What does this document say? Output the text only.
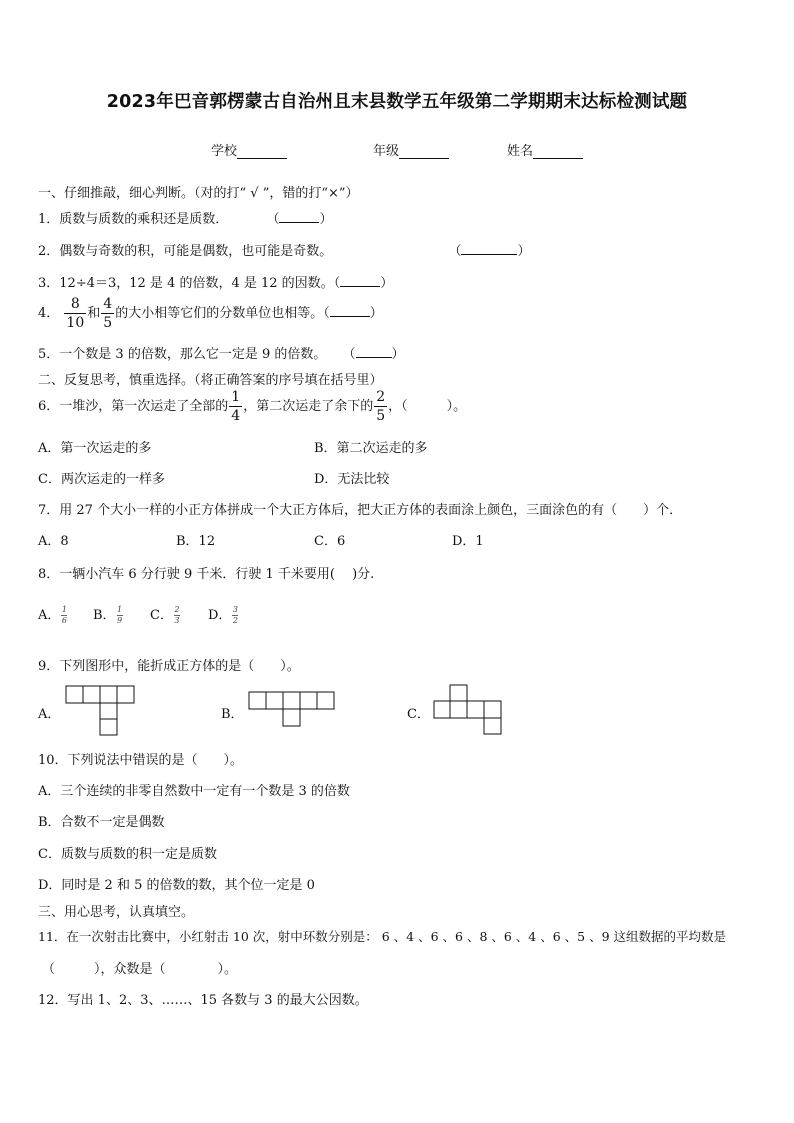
2023年巴音郭楞蒙古自治州且末县数学五年级第二学期期末达标检测试题
学校	年级	姓名
一、仔细推敲，细心判断。（对的打“ √ ”，错的打“×”）
1．质数与质数的乘积还是质数．	（	）
2．偶数与奇数的积，可能是偶数，也可能是奇数。	（	）
3．12÷4＝3，12 是 4 的倍数，4 是 12 的因数。（	）
4． $\frac{8}{10}$ 和 $\frac{4}{5}$ 的大小相等它们的分数单位也相等。（	）
5．一个数是 3 的倍数，那么它一定是 9 的倍数。 （	）
二、反复思考，慎重选择。（将正确答案的序号填在括号里）
6．一堆沙，第一次运走了全部的 $\frac{1}{4}$ ，第二次运走了余下的 $\frac{2}{5}$ ，（　　　）。
A．第一次运走的多	B．第二次运走的多
C．两次运走的一样多	D．无法比较
7．用 27 个大小一样的小正方体拼成一个大正方体后，把大正方体的表面涂上颜色，三面涂色的有（　　）个．
A．8	B．12	C．6	D．1
8．一辆小汽车 6 分行驶 9 千米．行驶 1 千米要用(　 )分.
A． $\frac{1}{6}$ B． $\frac{1}{9}$ C． $\frac{2}{3}$ D． $\frac{3}{2}$
9．下列图形中，能折成正方体的是（　　）。
A．	B．	C．
10．下列说法中错误的是（　　）。
A．三个连续的非零自然数中一定有一个数是 3 的倍数
B．合数不一定是偶数
C．质数与质数的积一定是质数
D．同时是 2 和 5 的倍数的数，其个位一定是 0
三、用心思考，认真填空。
11．在一次射击比赛中，小红射击 10 次，射中环数分别是： 6 、4 、6 、6 、8 、6 、4 、6 、5 、9 这组数据的平均数是
（　　　），众数是（　　　　）。
12．写出 1、2、3、……、15 各数与 3 的最大公因数。
